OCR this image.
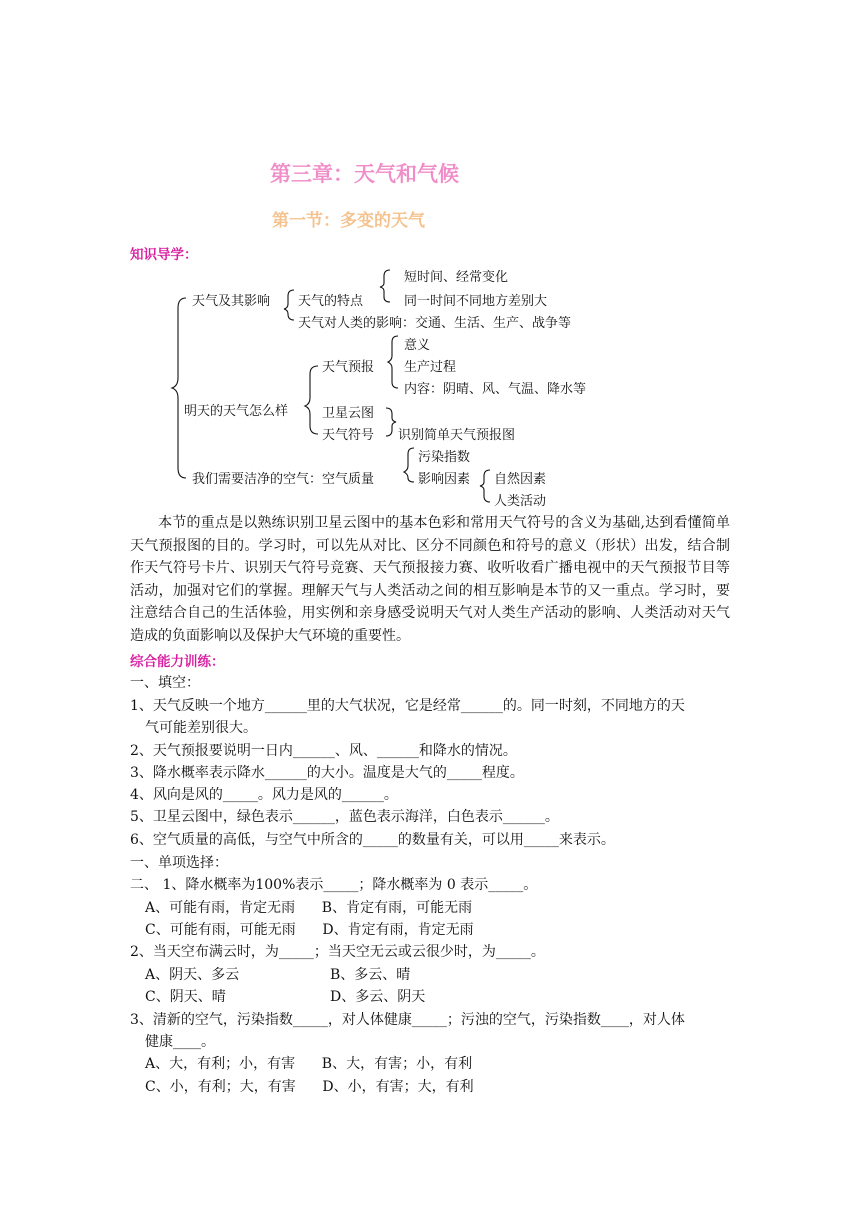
第三章：天气和气候
第一节：多变的天气
知识导学：
天气及其影响 天气的特点
短时间、经常变化
同一时间不同地方差别大
天气对人类的影响：交通、生活、生产、战争等
天气预报
意义
生产过程
内容：阴晴、风、气温、降水等
明天的天气怎么样	卫星云图
天气符号 识别简单天气预报图
我们需要洁净的空气：空气质量
污染指数
影响因素 自然因素
人类活动
本节的重点是以熟练识别卫星云图中的基本色彩和常用天气符号的含义为基础,达到看懂简单天气预报图的目的。学习时，可以先从对比、区分不同颜色和符号的意义（形状）出发，结合制作天气符号卡片、识别天气符号竞赛、天气预报接力赛、收听收看广播电视中的天气预报节目等活动，加强对它们的掌握。理解天气与人类活动之间的相互影响是本节的又一重点。学习时，要注意结合自己的生活体验，用实例和亲身感受说明天气对人类生产活动的影响、人类活动对天气造成的负面影响以及保护大气环境的重要性。
综合能力训练：
一、填空：
1、天气反映一个地方______里的大气状况，它是经常______的。同一时刻，不同地方的天
气可能差别很大。
2、天气预报要说明一日内______、风、______和降水的情况。
3、降水概率表示降水______的大小。温度是大气的_____程度。
4、风向是风的_____。风力是风的______。
5、卫星云图中，绿色表示______，蓝色表示海洋，白色表示______。
6、空气质量的高低，与空气中所含的_____的数量有关，可以用_____来表示。
一、单项选择：
二、 1、降水概率为100%表示_____；降水概率为 0 表示_____。
A、可能有雨，肯定无雨      B、肯定有雨，可能无雨
C、可能有雨，可能无雨      D、肯定有雨，肯定无雨
2、当天空布满云时，为_____；当天空无云或云很少时，为_____。
A、阴天、多云	B、多云、晴
C、阴天、晴	D、多云、阴天
3、清新的空气，污染指数_____，对人体健康_____；污浊的空气，污染指数____，对人体
健康____。
A、大，有利；小，有害      B、大，有害；小，有利
C、小，有利；大，有害      D、小，有害；大，有利
